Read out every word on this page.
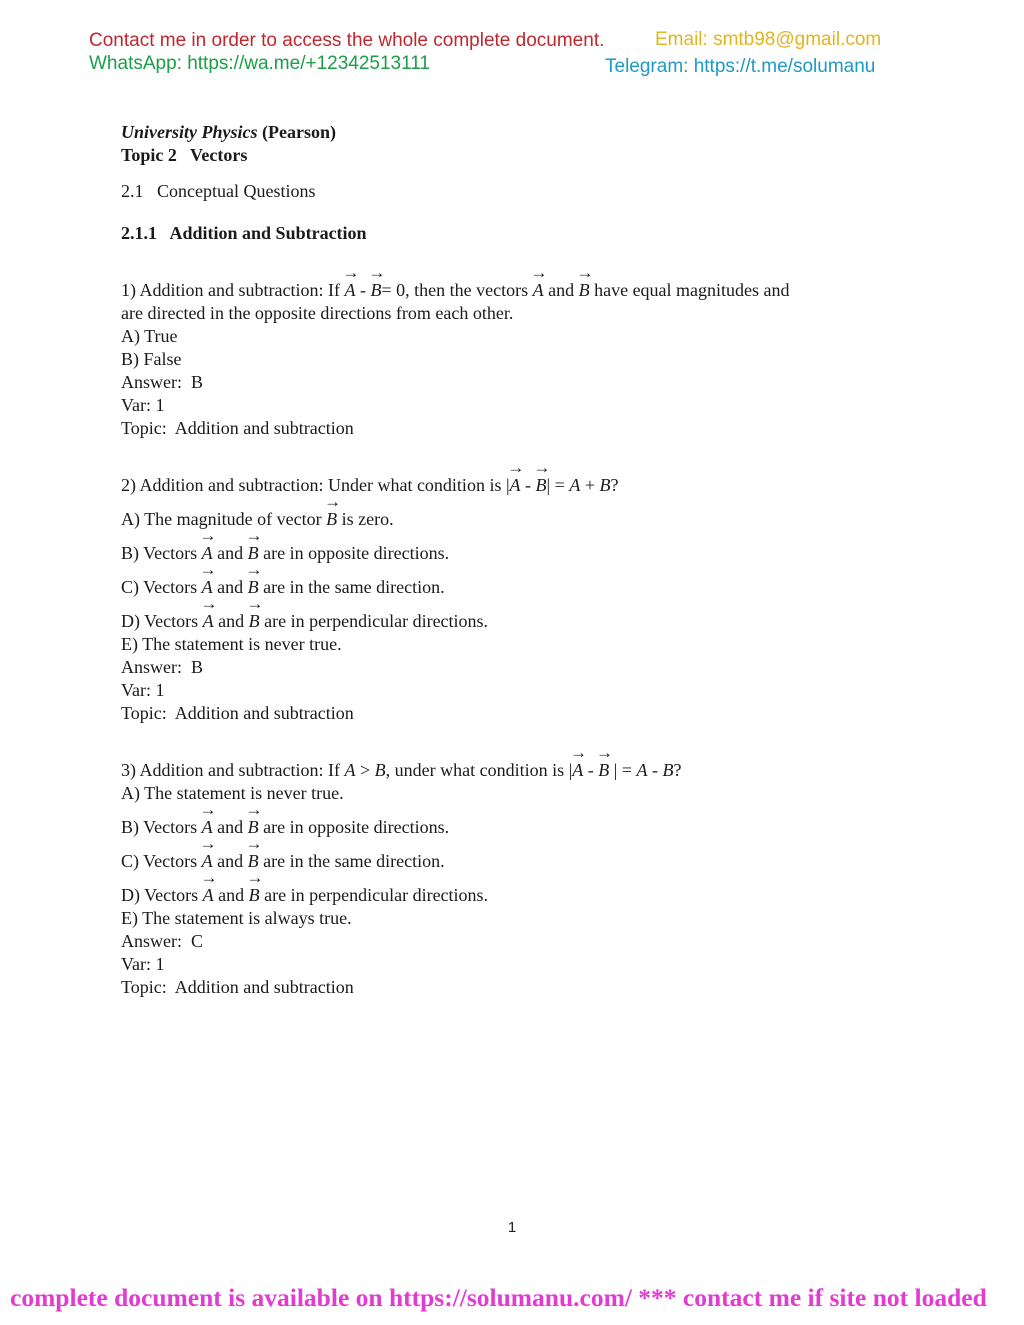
Contact me in order to access the whole complete document.
WhatsApp: https://wa.me/+12342513111
Email: smtb98@gmail.com
Telegram: https://t.me/solumanu
University Physics (Pearson)
Topic 2   Vectors
2.1   Conceptual Questions
2.1.1   Addition and Subtraction
1) Addition and subtraction: If → A - → B= 0, then the vectors → A and → B have equal magnitudes and
are directed in the opposite directions from each other.
A) True
B) False
Answer:  B
Var: 1
Topic:  Addition and subtraction
2) Addition and subtraction: Under what condition is |→ A - → B| = A + B?
A) The magnitude of vector → B is zero.
B) Vectors → A and → B are in opposite directions.
C) Vectors → A and → B are in the same direction.
D) Vectors → A and → B are in perpendicular directions.
E) The statement is never true.
Answer:  B
Var: 1
Topic:  Addition and subtraction
3) Addition and subtraction: If A > B, under what condition is |→ A - → B | = A - B?
A) The statement is never true.
B) Vectors → A and → B are in opposite directions.
C) Vectors → A and → B are in the same direction.
D) Vectors → A and → B are in perpendicular directions.
E) The statement is always true.
Answer:  C
Var: 1
Topic:  Addition and subtraction
1
complete document is available on https://solumanu.com/ *** contact me if site not loaded
